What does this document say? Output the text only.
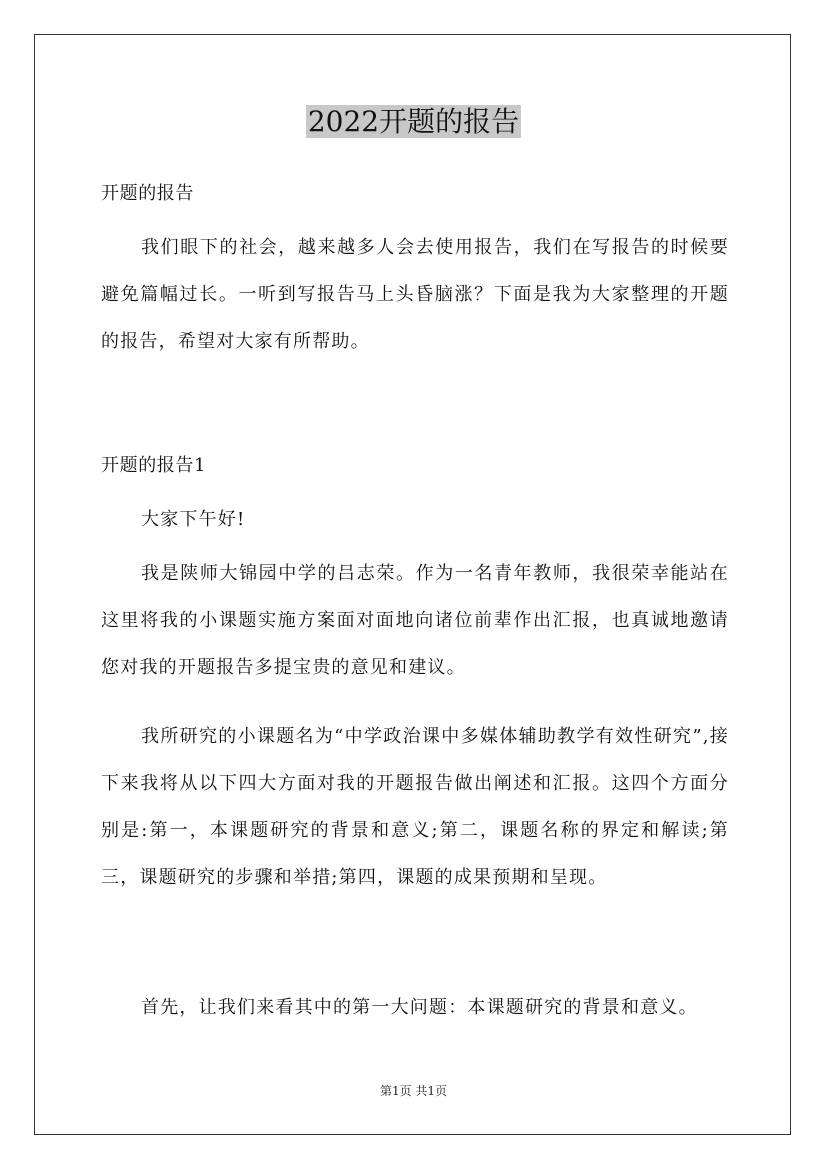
2022开题的报告

开题的报告

我们眼下的社会，越来越多人会去使用报告，我们在写报告的时候要避免篇幅过长。一听到写报告马上头昏脑涨？下面是我为大家整理的开题的报告，希望对大家有所帮助。

开题的报告1

大家下午好!

我是陕师大锦园中学的吕志荣。作为一名青年教师，我很荣幸能站在这里将我的小课题实施方案面对面地向诸位前辈作出汇报，也真诚地邀请您对我的开题报告多提宝贵的意见和建议。

我所研究的小课题名为“中学政治课中多媒体辅助教学有效性研究”,接下来我将从以下四大方面对我的开题报告做出阐述和汇报。这四个方面分别是:第一，本课题研究的背景和意义;第二，课题名称的界定和解读;第三，课题研究的步骤和举措;第四，课题的成果预期和呈现。

首先，让我们来看其中的第一大问题：本课题研究的背景和意义。

第1页 共1页
